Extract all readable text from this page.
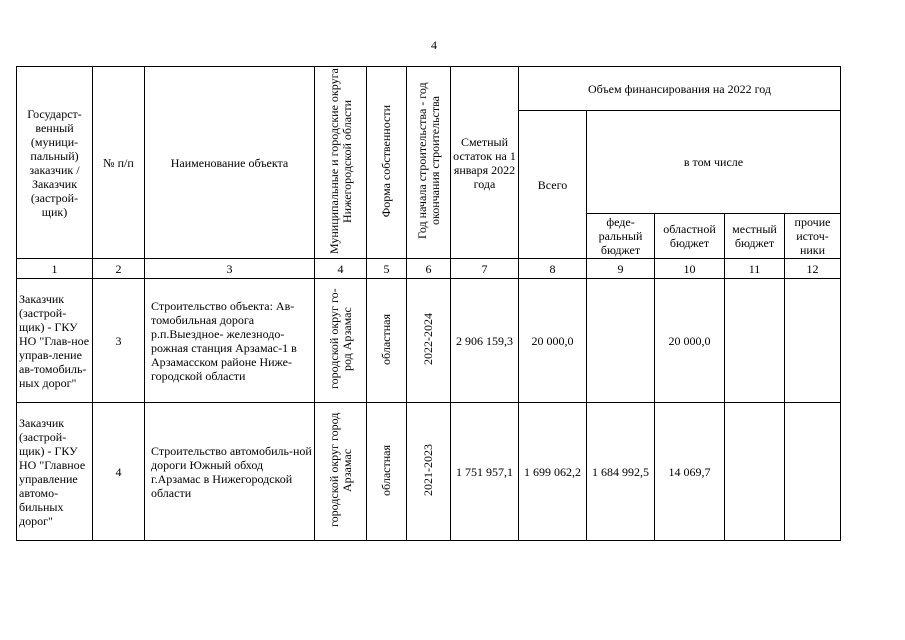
4
Государст-венный (муници-пальный) заказчик / Заказчик (застрой-щик)	№ п/п	Наименование объекта	Муниципальные и городские округа Нижегородской области	Форма собственности	Год начала строительства - год окончания строительства	Сметный остаток на 1 января 2022 года	Объем финансирования на 2022 год				
							Всего	в том числе			
								феде-ральный бюджет	областной бюджет	местный бюджет	прочие источ-ники
1	2	3	4	5	6	7	8	9	10	11	12
Заказчик (застрой-щик) - ГКУ НО "Глав-ное управ-ление ав-томобиль-ных дорог"	3	Строительство объекта: Ав-томобильная дорога р.п.Выездное- железнодо-рожная станция Арзамас-1 в Арзамасском районе Ниже-городской области	городской округ го-род Арзамас	областная	2022-2024	2 906 159,3	20 000,0		20 000,0		
Заказчик (застрой-щик) - ГКУ НО "Главное управление автомо-бильных дорог"	4	Строительство автомобиль-ной дороги Южный обход г.Арзамас в Нижегородской области	городской округ город Арзамас	областная	2021-2023	1 751 957,1	1 699 062,2	1 684 992,5	14 069,7		
